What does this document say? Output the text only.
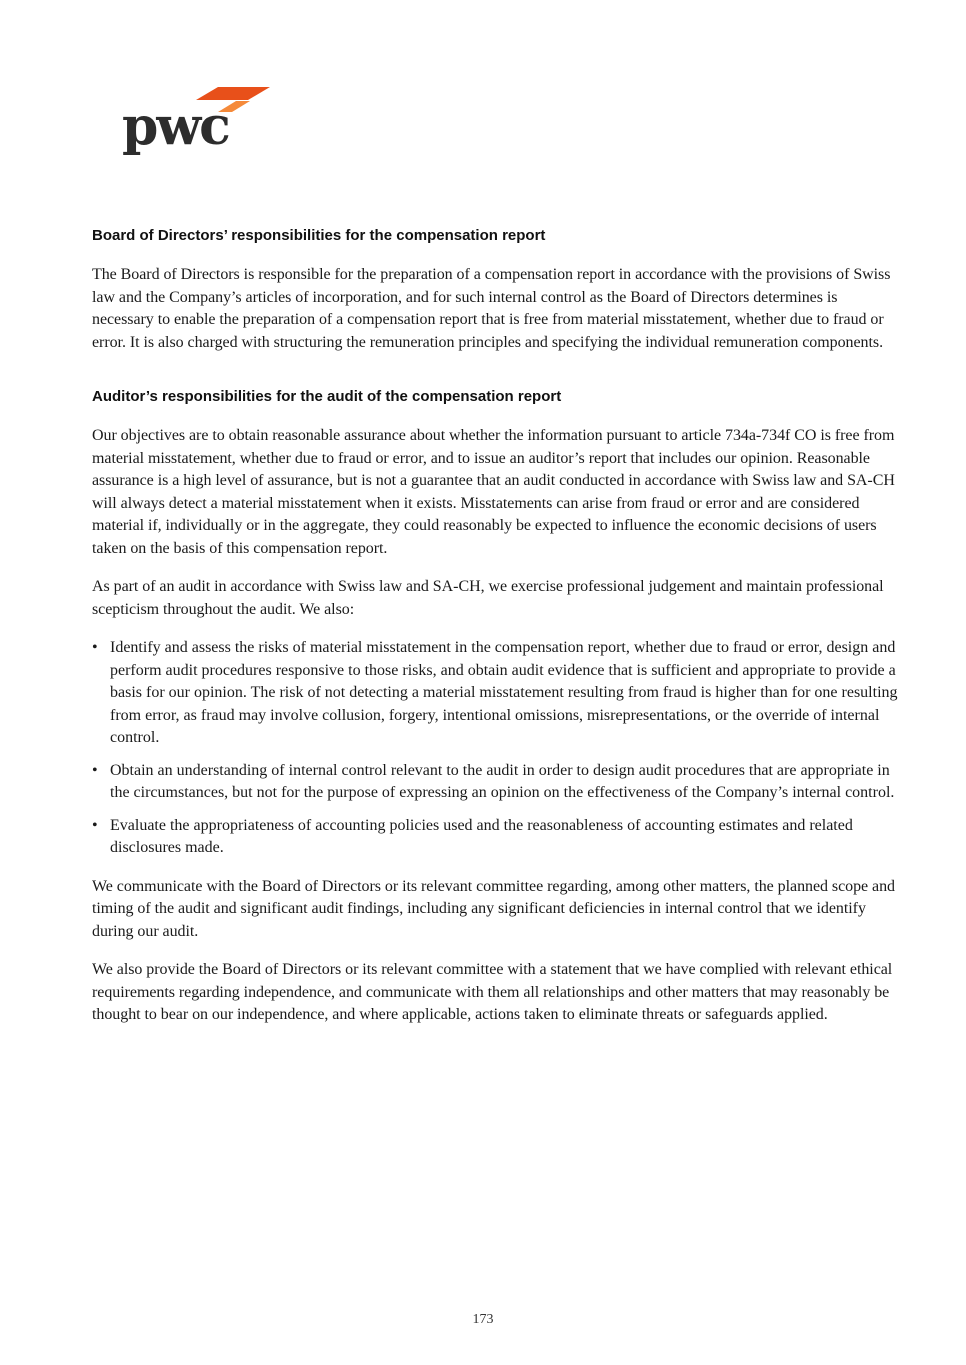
pwc
Board of Directors’ responsibilities for the compensation report

The Board of Directors is responsible for the preparation of a compensation report in accordance with the provisions of Swiss law and the Company’s articles of incorporation, and for such internal control as the Board of Directors determines is necessary to enable the preparation of a compensation report that is free from material misstatement, whether due to fraud or error. It is also charged with structuring the remuneration principles and specifying the individual remuneration components.

Auditor’s responsibilities for the audit of the compensation report

Our objectives are to obtain reasonable assurance about whether the information pursuant to article 734a-734f CO is free from material misstatement, whether due to fraud or error, and to issue an auditor’s report that includes our opinion. Reasonable assurance is a high level of assurance, but is not a guarantee that an audit conducted in accordance with Swiss law and SA-CH will always detect a material misstatement when it exists. Misstatements can arise from fraud or error and are considered material if, individually or in the aggregate, they could reasonably be expected to influence the economic decisions of users taken on the basis of this compensation report.

As part of an audit in accordance with Swiss law and SA-CH, we exercise professional judgement and maintain professional scepticism throughout the audit. We also:

• Identify and assess the risks of material misstatement in the compensation report, whether due to fraud or error, design and perform audit procedures responsive to those risks, and obtain audit evidence that is sufficient and appropriate to provide a basis for our opinion. The risk of not detecting a material misstatement resulting from fraud is higher than for one resulting from error, as fraud may involve collusion, forgery, intentional omissions, misrepresentations, or the override of internal control.
• Obtain an understanding of internal control relevant to the audit in order to design audit procedures that are appropriate in the circumstances, but not for the purpose of expressing an opinion on the effectiveness of the Company’s internal control.
• Evaluate the appropriateness of accounting policies used and the reasonableness of accounting estimates and related disclosures made.

We communicate with the Board of Directors or its relevant committee regarding, among other matters, the planned scope and timing of the audit and significant audit findings, including any significant deficiencies in internal control that we identify during our audit.

We also provide the Board of Directors or its relevant committee with a statement that we have complied with relevant ethical requirements regarding independence, and communicate with them all relationships and other matters that may reasonably be thought to bear on our independence, and where applicable, actions taken to eliminate threats or safeguards applied.

173
